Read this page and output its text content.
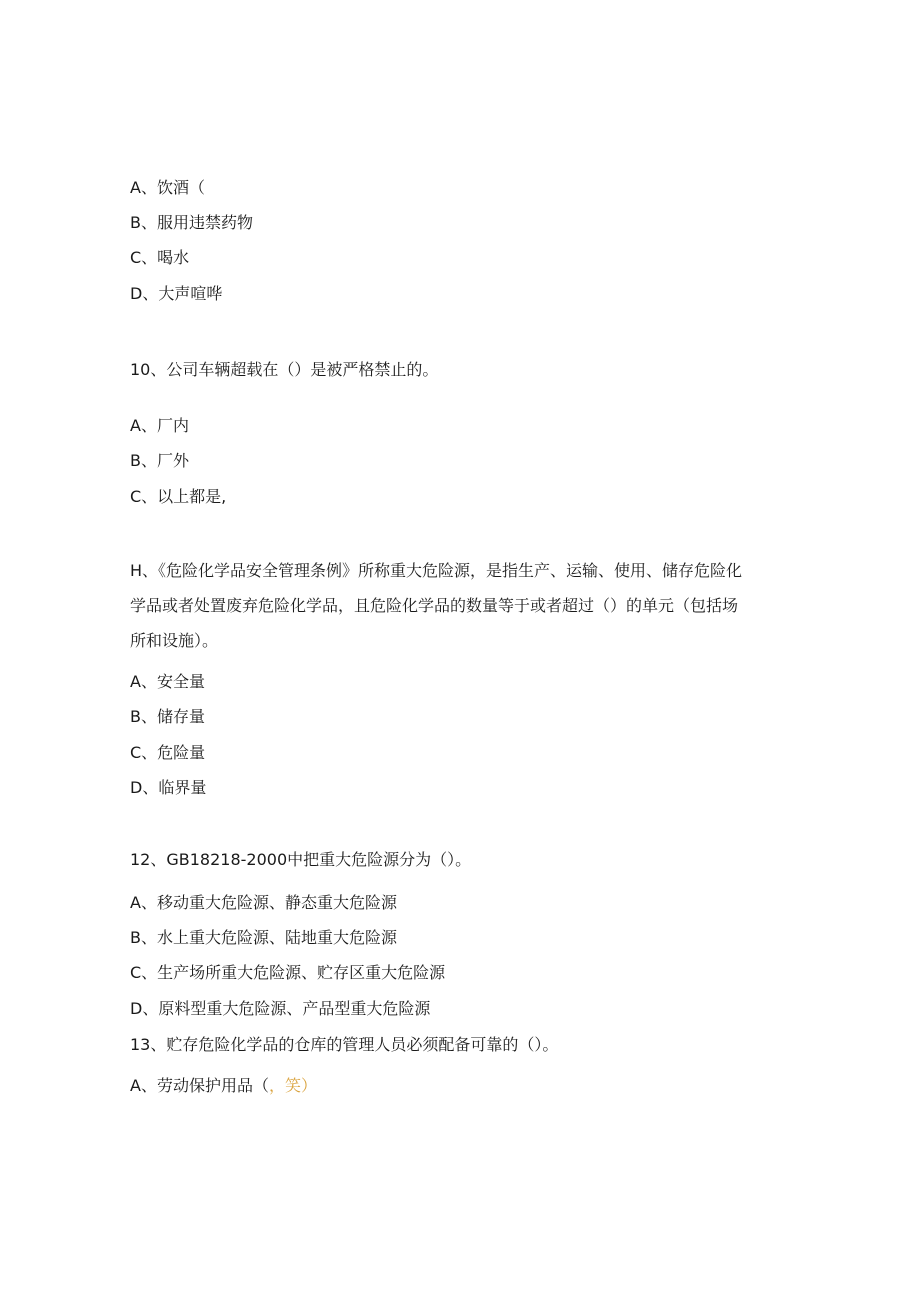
A、饮酒（
B、服用违禁药物
C、喝水
D、大声喧哗
10、公司车辆超载在（）是被严格禁止的。
A、厂内
B、厂外
C、以上都是,
H、《危险化学品安全管理条例》所称重大危险源，是指生产、运输、使用、储存危险化
学品或者处置废弃危险化学品，且危险化学品的数量等于或者超过（）的单元（包括场
所和设施）。
A、安全量
B、储存量
C、危险量
D、临界量
12、GB18218-2000中把重大危险源分为（）。
A、移动重大危险源、静态重大危险源
B、水上重大危险源、陆地重大危险源
C、生产场所重大危险源、贮存区重大危险源
D、原料型重大危险源、产品型重大危险源
13、贮存危险化学品的仓库的管理人员必须配备可靠的（）。
A、劳动保护用品（，笑）
